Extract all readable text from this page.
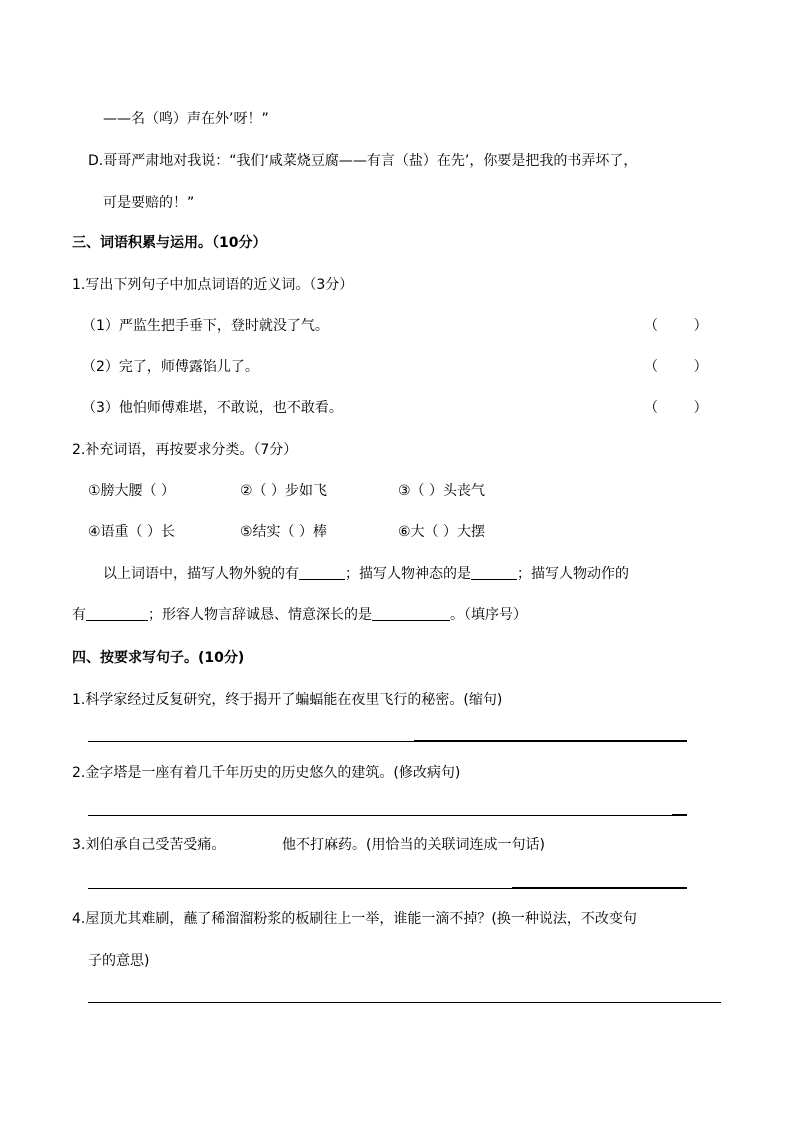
——名（鸣）声在外’呀！”
D.哥哥严肃地对我说：“我们‘咸菜烧豆腐——有言（盐）在先’，你要是把我的书弄坏了，
可是要赔的！”
三、词语积累与运用。（10分）
1.写出下列句子中加点词语的近义词。（3分）
（1）严监生把手垂下，登时就没了气。	（        ）
（2）完了，师傅露馅儿了。	（        ）
（3）他怕师傅难堪，不敢说，也不敢看。	（        ）
2.补充词语，再按要求分类。（7分）
①膀大腰（ ）	②（ ）步如飞	③（ ）头丧气
④语重（ ）长	⑤结实（ ）棒	⑥大（ ）大摆
以上词语中，描写人物外貌的有	；描写人物神态的是	；描写人物动作的
有	；形容人物言辞诚恳、情意深长的是	。（填序号）
四、按要求写句子。(10分)
1.科学家经过反复研究，终于揭开了蝙蝠能在夜里飞行的秘密。(缩句)
2.金字塔是一座有着几千年历史的历史悠久的建筑。(修改病句)
3.刘伯承自己受苦受痛。	他不打麻药。(用恰当的关联词连成一句话)
4.屋顶尤其难刷，蘸了稀溜溜粉浆的板刷往上一举，谁能一滴不掉？(换一种说法，不改变句
子的意思)
